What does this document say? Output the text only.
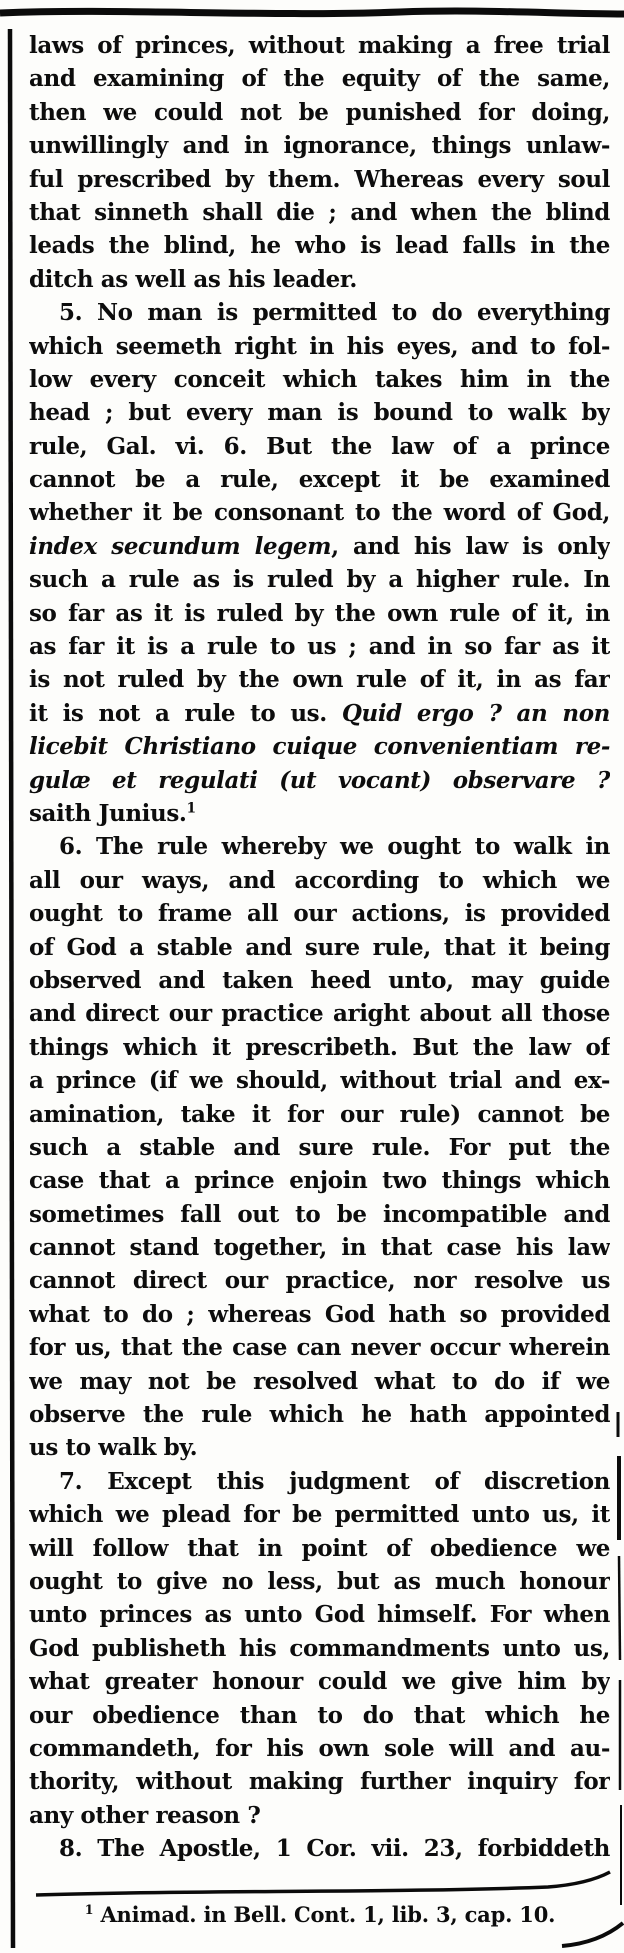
laws of princes, without making a free trial
and examining of the equity of the same,
then we could not be punished for doing,
unwillingly and in ignorance, things unlaw-
ful prescribed by them. Whereas every soul
that sinneth shall die ; and when the blind
leads the blind, he who is lead falls in the
ditch as well as his leader.
5. No man is permitted to do everything
which seemeth right in his eyes, and to fol-
low every conceit which takes him in the
head ; but every man is bound to walk by
rule, Gal. vi. 6. But the law of a prince
cannot be a rule, except it be examined
whether it be consonant to the word of God,
index secundum legem, and his law is only
such a rule as is ruled by a higher rule. In
so far as it is ruled by the own rule of it, in
as far it is a rule to us ; and in so far as it
is not ruled by the own rule of it, in as far
it is not a rule to us. Quid ergo ? an non
licebit Christiano cuique convenientiam re-
gulæ et regulati (ut vocant) observare ?
saith Junius.$^1$
6. The rule whereby we ought to walk in
all our ways, and according to which we
ought to frame all our actions, is provided
of God a stable and sure rule, that it being
observed and taken heed unto, may guide
and direct our practice aright about all those
things which it prescribeth. But the law of
a prince (if we should, without trial and ex-
amination, take it for our rule) cannot be
such a stable and sure rule. For put the
case that a prince enjoin two things which
sometimes fall out to be incompatible and
cannot stand together, in that case his law
cannot direct our practice, nor resolve us
what to do ; whereas God hath so provided
for us, that the case can never occur wherein
we may not be resolved what to do if we
observe the rule which he hath appointed
us to walk by.
7. Except this judgment of discretion
which we plead for be permitted unto us, it
will follow that in point of obedience we
ought to give no less, but as much honour
unto princes as unto God himself. For when
God publisheth his commandments unto us,
what greater honour could we give him by
our obedience than to do that which he
commandeth, for his own sole will and au-
thority, without making further inquiry for
any other reason ?
8. The Apostle, 1 Cor. vii. 23, forbiddeth
$^1$ Animad. in Bell. Cont. 1, lib. 3, cap. 10.
